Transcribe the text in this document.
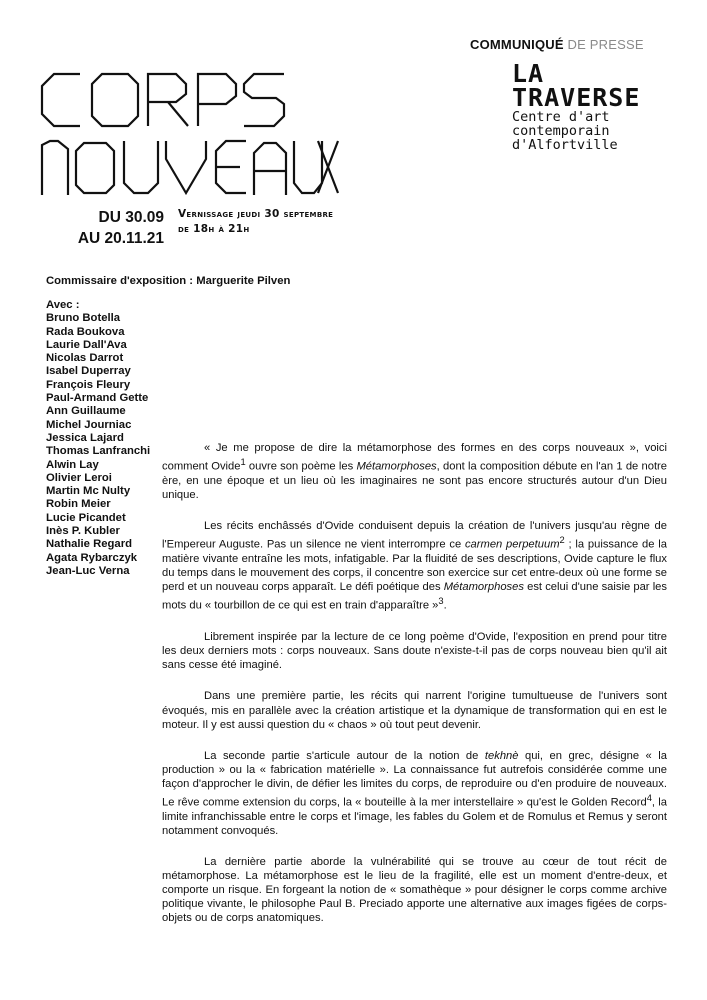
COMMUNIQUÉ DE PRESSE
LA
TRAVERSE
Centre d'art
contemporain
d'Alfortville
DU 30.09
AU 20.11.21
Vernissage jeudi 30 septembre
de 18h à 21h
Commissaire d'exposition : Marguerite Pilven
Avec :
Bruno Botella
Rada Boukova
Laurie Dall'Ava
Nicolas Darrot
Isabel Duperray
François Fleury
Paul-Armand Gette
Ann Guillaume
Michel Journiac
Jessica Lajard
Thomas Lanfranchi
Alwin Lay
Olivier Leroi
Martin Mc Nulty
Robin Meier
Lucie Picandet
Inès P. Kubler
Nathalie Regard
Agata Rybarczyk
Jean-Luc Verna

« Je me propose de dire la métamorphose des formes en des corps nouveaux », voici comment Ovide$^1$ ouvre son poème les Métamorphoses, dont la composition débute en l'an 1 de notre ère, en une époque et un lieu où les imaginaires ne sont pas encore structurés autour d'un Dieu unique.

Les récits enchâssés d'Ovide conduisent depuis la création de l'univers jusqu'au règne de l'Empereur Auguste. Pas un silence ne vient interrompre ce carmen perpetuum$^2$ ; la puissance de la matière vivante entraîne les mots, infatigable. Par la fluidité de ses descriptions, Ovide capture le flux du temps dans le mouvement des corps, il concentre son exercice sur cet entre-deux où une forme se perd et un nouveau corps apparaît. Le défi poétique des Métamorphoses est celui d'une saisie par les mots du « tourbillon de ce qui est en train d'apparaître »$^3$.

Librement inspirée par la lecture de ce long poème d'Ovide, l'exposition en prend pour titre les deux derniers mots : corps nouveaux. Sans doute n'existe-t-il pas de corps nouveau bien qu'il ait sans cesse été imaginé.

Dans une première partie, les récits qui narrent l'origine tumultueuse de l'univers sont évoqués, mis en parallèle avec la création artistique et la dynamique de transformation qui en est le moteur. Il y est aussi question du « chaos » où tout peut devenir.

La seconde partie s'articule autour de la notion de tekhnè qui, en grec, désigne « la production » ou la « fabrication matérielle ». La connaissance fut autrefois considérée comme une façon d'approcher le divin, de défier les limites du corps, de reproduire ou d'en produire de nouveaux. Le rêve comme extension du corps, la « bouteille à la mer interstellaire » qu'est le Golden Record$^4$, la limite infranchissable entre le corps et l'image, les fables du Golem et de Romulus et Remus y seront notamment convoqués.

La dernière partie aborde la vulnérabilité qui se trouve au cœur de tout récit de métamorphose. La métamorphose est le lieu de la fragilité, elle est un moment d'entre-deux, et comporte un risque. En forgeant la notion de « somathèque » pour désigner le corps comme archive politique vivante, le philosophe Paul B. Preciado apporte une alternative aux images figées de corps-objets ou de corps anatomiques.
